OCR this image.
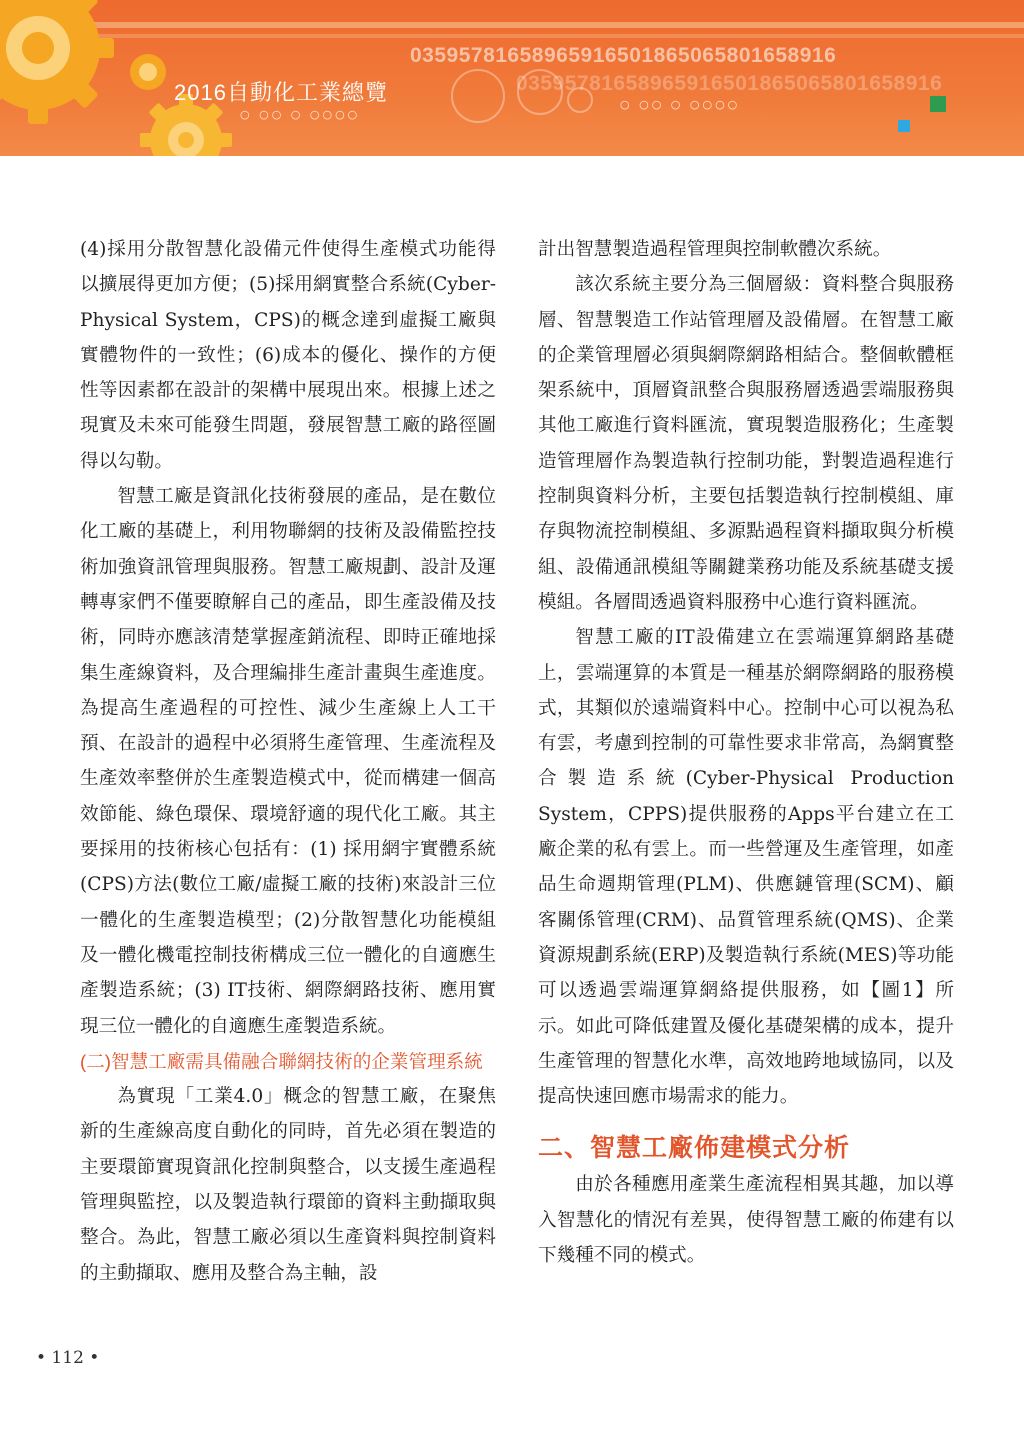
0359578165896591650186506580165891​6
03595781658965916501865065801658916
○ ○○ ○ ○○○○
○ ○○ ○ ○○○○
2016自動化工業總覽

(4)採用分散智慧化設備元件使得生產模式功能得以擴展得更加方便；(5)採用網實整合系統(Cyber-Physical System，CPS)的概念達到虛擬工廠與實體物件的一致性；(6)成本的優化、操作的方便性等因素都在設計的架構中展現出來。根據上述之現實及未來可能發生問題，發展智慧工廠的路徑圖得以勾勒。

智慧工廠是資訊化技術發展的產品，是在數位化工廠的基礎上，利用物聯網的技術及設備監控技術加強資訊管理與服務。智慧工廠規劃、設計及運轉專家們不僅要瞭解自己的產品，即生產設備及技術，同時亦應該清楚掌握產銷流程、即時正確地採集生產線資料，及合理編排生產計畫與生產進度。為提高生產過程的可控性、減少生產線上人工干預、在設計的過程中必須將生產管理、生產流程及生產效率整併於生產製造模式中，從而構建一個高效節能、綠色環保、環境舒適的現代化工廠。其主要採用的技術核心包括有：(1) 採用網宇實體系統(CPS)方法(數位工廠/虛擬工廠的技術)來設計三位一體化的生產製造模型；(2)分散智慧化功能模組及一體化機電控制技術構成三位一體化的自適應生產製造系統；(3) IT技術、網際網路技術、應用實現三位一體化的自適應生產製造系統。

(二)智慧工廠需具備融合聯網技術的企業管理系統

為實現「工業4.0」概念的智慧工廠，在聚焦新的生產線高度自動化的同時，首先必須在製造的主要環節實現資訊化控制與整合，以支援生產過程管理與監控，以及製造執行環節的資料主動擷取與整合。為此，智慧工廠必須以生產資料與控制資料的主動擷取、應用及整合為主軸，設

計出智慧製造過程管理與控制軟體次系統。

該次系統主要分為三個層級：資料整合與服務層、智慧製造工作站管理層及設備層。在智慧工廠的企業管理層必須與網際網路相結合。整個軟體框架系統中，頂層資訊整合與服務層透過雲端服務與其他工廠進行資料匯流，實現製造服務化；生產製造管理層作為製造執行控制功能，對製造過程進行控制與資料分析，主要包括製造執行控制模組、庫存與物流控制模組、多源點過程資料擷取與分析模組、設備通訊模組等關鍵業務功能及系統基礎支援模組。各層間透過資料服務中心進行資料匯流。

智慧工廠的IT設備建立在雲端運算網路基礎上，雲端運算的本質是一種基於網際網路的服務模式，其類似於遠端資料中心。控制中心可以視為私有雲，考慮到控制的可靠性要求非常高，為網實整合製造系統(Cyber-Physical Production System，CPPS)提供服務的Apps平台建立在工廠企業的私有雲上。而一些營運及生產管理，如產品生命週期管理(PLM)、供應鏈管理(SCM)、顧客關係管理(CRM)、品質管理系統(QMS)、企業資源規劃系統(ERP)及製造執行系統(MES)等功能可以透過雲端運算網絡提供服務，如【圖1】所示。如此可降低建置及優化基礎架構的成本，提升生產管理的智慧化水準，高效地跨地域協同，以及提高快速回應市場需求的能力。

二、智慧工廠佈建模式分析

由於各種應用產業生產流程相異其趣，加以導入智慧化的情況有差異，使得智慧工廠的佈建有以下幾種不同的模式。

• 112 •
